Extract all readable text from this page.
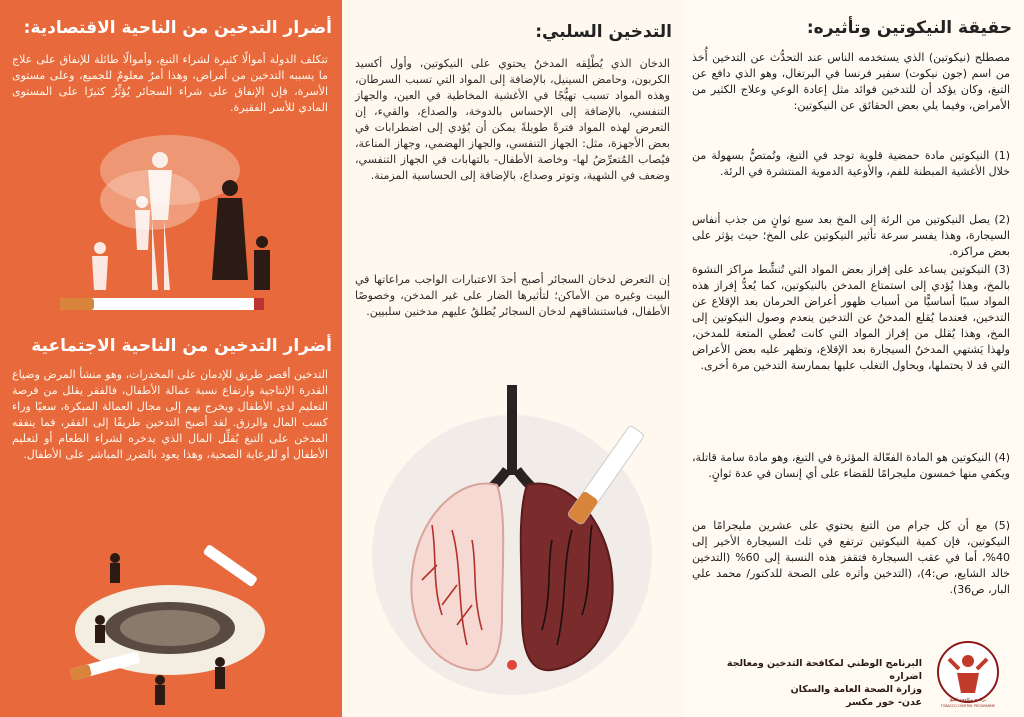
أضرار التدخين من الناحية الاقتصادية:

تتكلف الدولة أموالًا كثيرة لشراء التبغ، وأموالًا طائلة للإنفاق على علاج ما يسببه التدخين من أمراض، وهذا أمرٌ معلومٌ للجميع، وعلى مستوى الأسرة، فإن الإنفاق على شراء السجائر يُؤثِّرُ كثيرًا على المستوى المادي للأسر الفقيرة.

أضرار التدخين من الناحية الاجتماعية

التدخين أقصر طريق للإدمان على المخدرات، وهو منشأ المرض وضياع القدرة الإنتاجية وارتفاع نسبة عمالة الأطفال، فالفقر يقلل من فرصة التعليم لدى الأطفال ويخرج بهم إلى مجال العمالة المبكرة، سعيًا وراء كسب المال والرزق. لقد أصبح التدخين طريقًا إلى الفقر، فما ينفقه المدخن على التبغ يُقلِّل المال الذي يدخره لشراء الطعام أو لتعليم الأطفال أو للرعاية الصحية، وهذا يعود بالضرر المباشر على الأطفال.

التدخين السلبي:

الدخان الذي يُطْلِقه المدخنُ يحتوي على النيكوتين، وأول أكسيد الكربون، وحامض السينيل، بالإضافة إلى المواد التي تسبب السرطان، وهذه المواد تسبب تهيُّجًا في الأغشية المخاطية في العين، والجهاز التنفسي، بالإضافة إلى الإحساس بالدوخة، والصداع، والقيء، إن التعرض لهذه المواد فترةً طويلةً يمكن أن يُؤدي إلى اضطرابات في بعض الأجهزة، مثل: الجهاز التنفسي، والجهاز الهضمي، وجهاز المناعة، فيُصاب المُتعرِّضُ لها- وخاصة الأطفال- بالتهابات في الجهاز التنفسي، وضعف في الشهية، وتوتر وصداع، بالإضافة إلى الحساسية المزمنة.

إن التعرض لدخان السجائر أصبح أحدَ الاعتبارات الواجب مراعاتها في البيت وغيره من الأماكن؛ لتأثيرها الضار على غير المدخن، وخصوصًا الأطفال، فباستنشاقهم لدخان السجائر يُطلقُ عليهم مدخنين سلبيين.

حقيقة النيكوتين وتأثيره:

مصطلح (نيكوتين) الذي يستخدمه الناس عند التحدُّث عن التدخين أُخذ من اسم (جون نيكوت) سفير فرنسا في البرتغال، وهو الذي دافع عن التبغ، وكان يؤكد أن للتدخين فوائد مثل إعادة الوعي وعلاج الكثير من الأمراض، وفيما يلي بعض الحقائق عن النيكوتين:

(1) النيكوتين مادة حمضية قلوية توجد في التبغ، وتُمتصُّ بسهولة من خلال الأغشية المبطنة للفم، والأوعية الدموية المنتشرة في الرئة.

(2) يصل النيكوتين من الرئة إلى المخ بعد سبع ثوانٍ من جذب أنفاس السيجارة، وهذا يفسر سرعة تأثير النيكوتين على المخ؛ حيث يؤثر على بعض مراكزه.

(3) النيكوتين يساعد على إفراز بعض المواد التي تُنشِّط مراكز النشوة بالمخ، وهذا يُؤدي إلى استمتاع المدخن بالنيكوتين، كما يُعدُّ إفراز هذه المواد سببًا أساسيًّا من أسباب ظهور أعراض الحرمان بعد الإقلاع عن التدخين، فعندما يُقلع المدخنُ عن التدخين ينعدم وصول النيكوتين إلى المخ، وهذا يُقلل من إفراز المواد التي كانت تُعطي المتعة للمدخن، ولهذا يَشتهي المدخنُ السيجارة بعد الإقلاع، وتظهر عليه بعض الأعراض التي قد لا يحتملها، ويحاول التغلب عليها بممارسة التدخين مرة أخرى.

(4) النيكوتين هو المادة الفعّالة المؤثرة في التبغ، وهو مادة سامة قاتلة، ويكفي منها خمسون مليجرامًا للقضاء على أي إنسان في عدة ثوانٍ.

(5) مع أن كل جرام من التبغ يحتوي على عشرين مليجرامًا من النيكوتين، فإن كمية النيكوتين ترتفع في ثلث السيجارة الأخير إلى 40%، أما في عقب السيجارة فتقفز هذه النسبة إلى 60% (التدخين خالد الشايع، ص:4)، (التدخين وأثره على الصحة للدكتور/ محمد علي البار، ص36).

البرنامج الوطني لمكافحة التدخين ومعالجة اضراره
وزارة الصحة العامة والسكان
عدن- خور مكسر	برنامج مكافحة التبغ
TOBACCO CONTROL PROGRAMME
